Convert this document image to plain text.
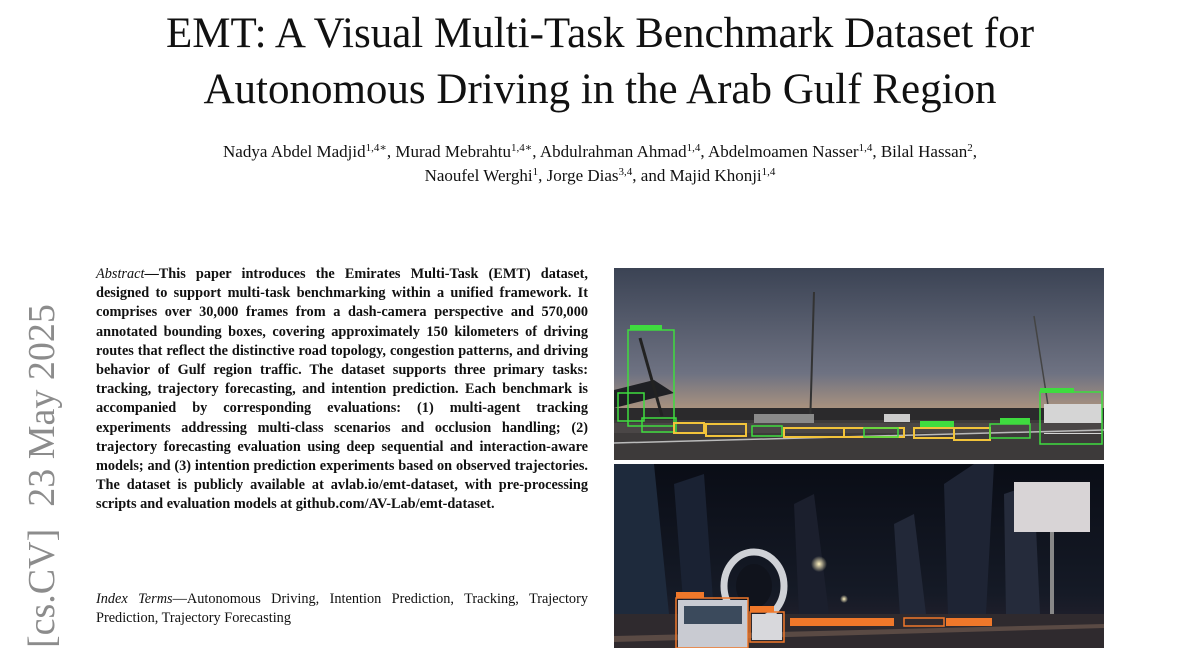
EMT: A Visual Multi-Task Benchmark Dataset for
Autonomous Driving in the Arab Gulf Region
Nadya Abdel Madjid$^{1,4∗}$, Murad Mebrahtu$^{1,4∗}$, Abdulrahman Ahmad$^{1,4}$, Abdelmoamen Nasser$^{1,4}$, Bilal Hassan$^2$,
Naoufel Werghi$^1$, Jorge Dias$^{3,4}$, and Majid Khonji$^{1,4}$
[cs.CV]23 May 2025
Abstract—This paper introduces the Emirates Multi-Task (EMT) dataset, designed to support multi-task benchmarking within a unified framework. It comprises over 30,000 frames from a dash-camera perspective and 570,000 annotated bounding boxes, covering approximately 150 kilometers of driving routes that reflect the distinctive road topology, congestion patterns, and driving behavior of Gulf region traffic. The dataset supports three primary tasks: tracking, trajectory forecasting, and intention prediction. Each benchmark is accompanied by corresponding evaluations: (1) multi-agent tracking experiments addressing multi-class scenarios and occlusion handling; (2) trajectory forecasting evaluation using deep sequential and interaction-aware models; and (3) intention prediction experiments based on observed trajectories. The dataset is publicly available at avlab.io/emt-dataset, with pre-processing scripts and evaluation models at github.com/AV-Lab/emt-dataset.
Index Terms—Autonomous Driving, Intention Prediction, Tracking, Trajectory Prediction, Trajectory Forecasting
